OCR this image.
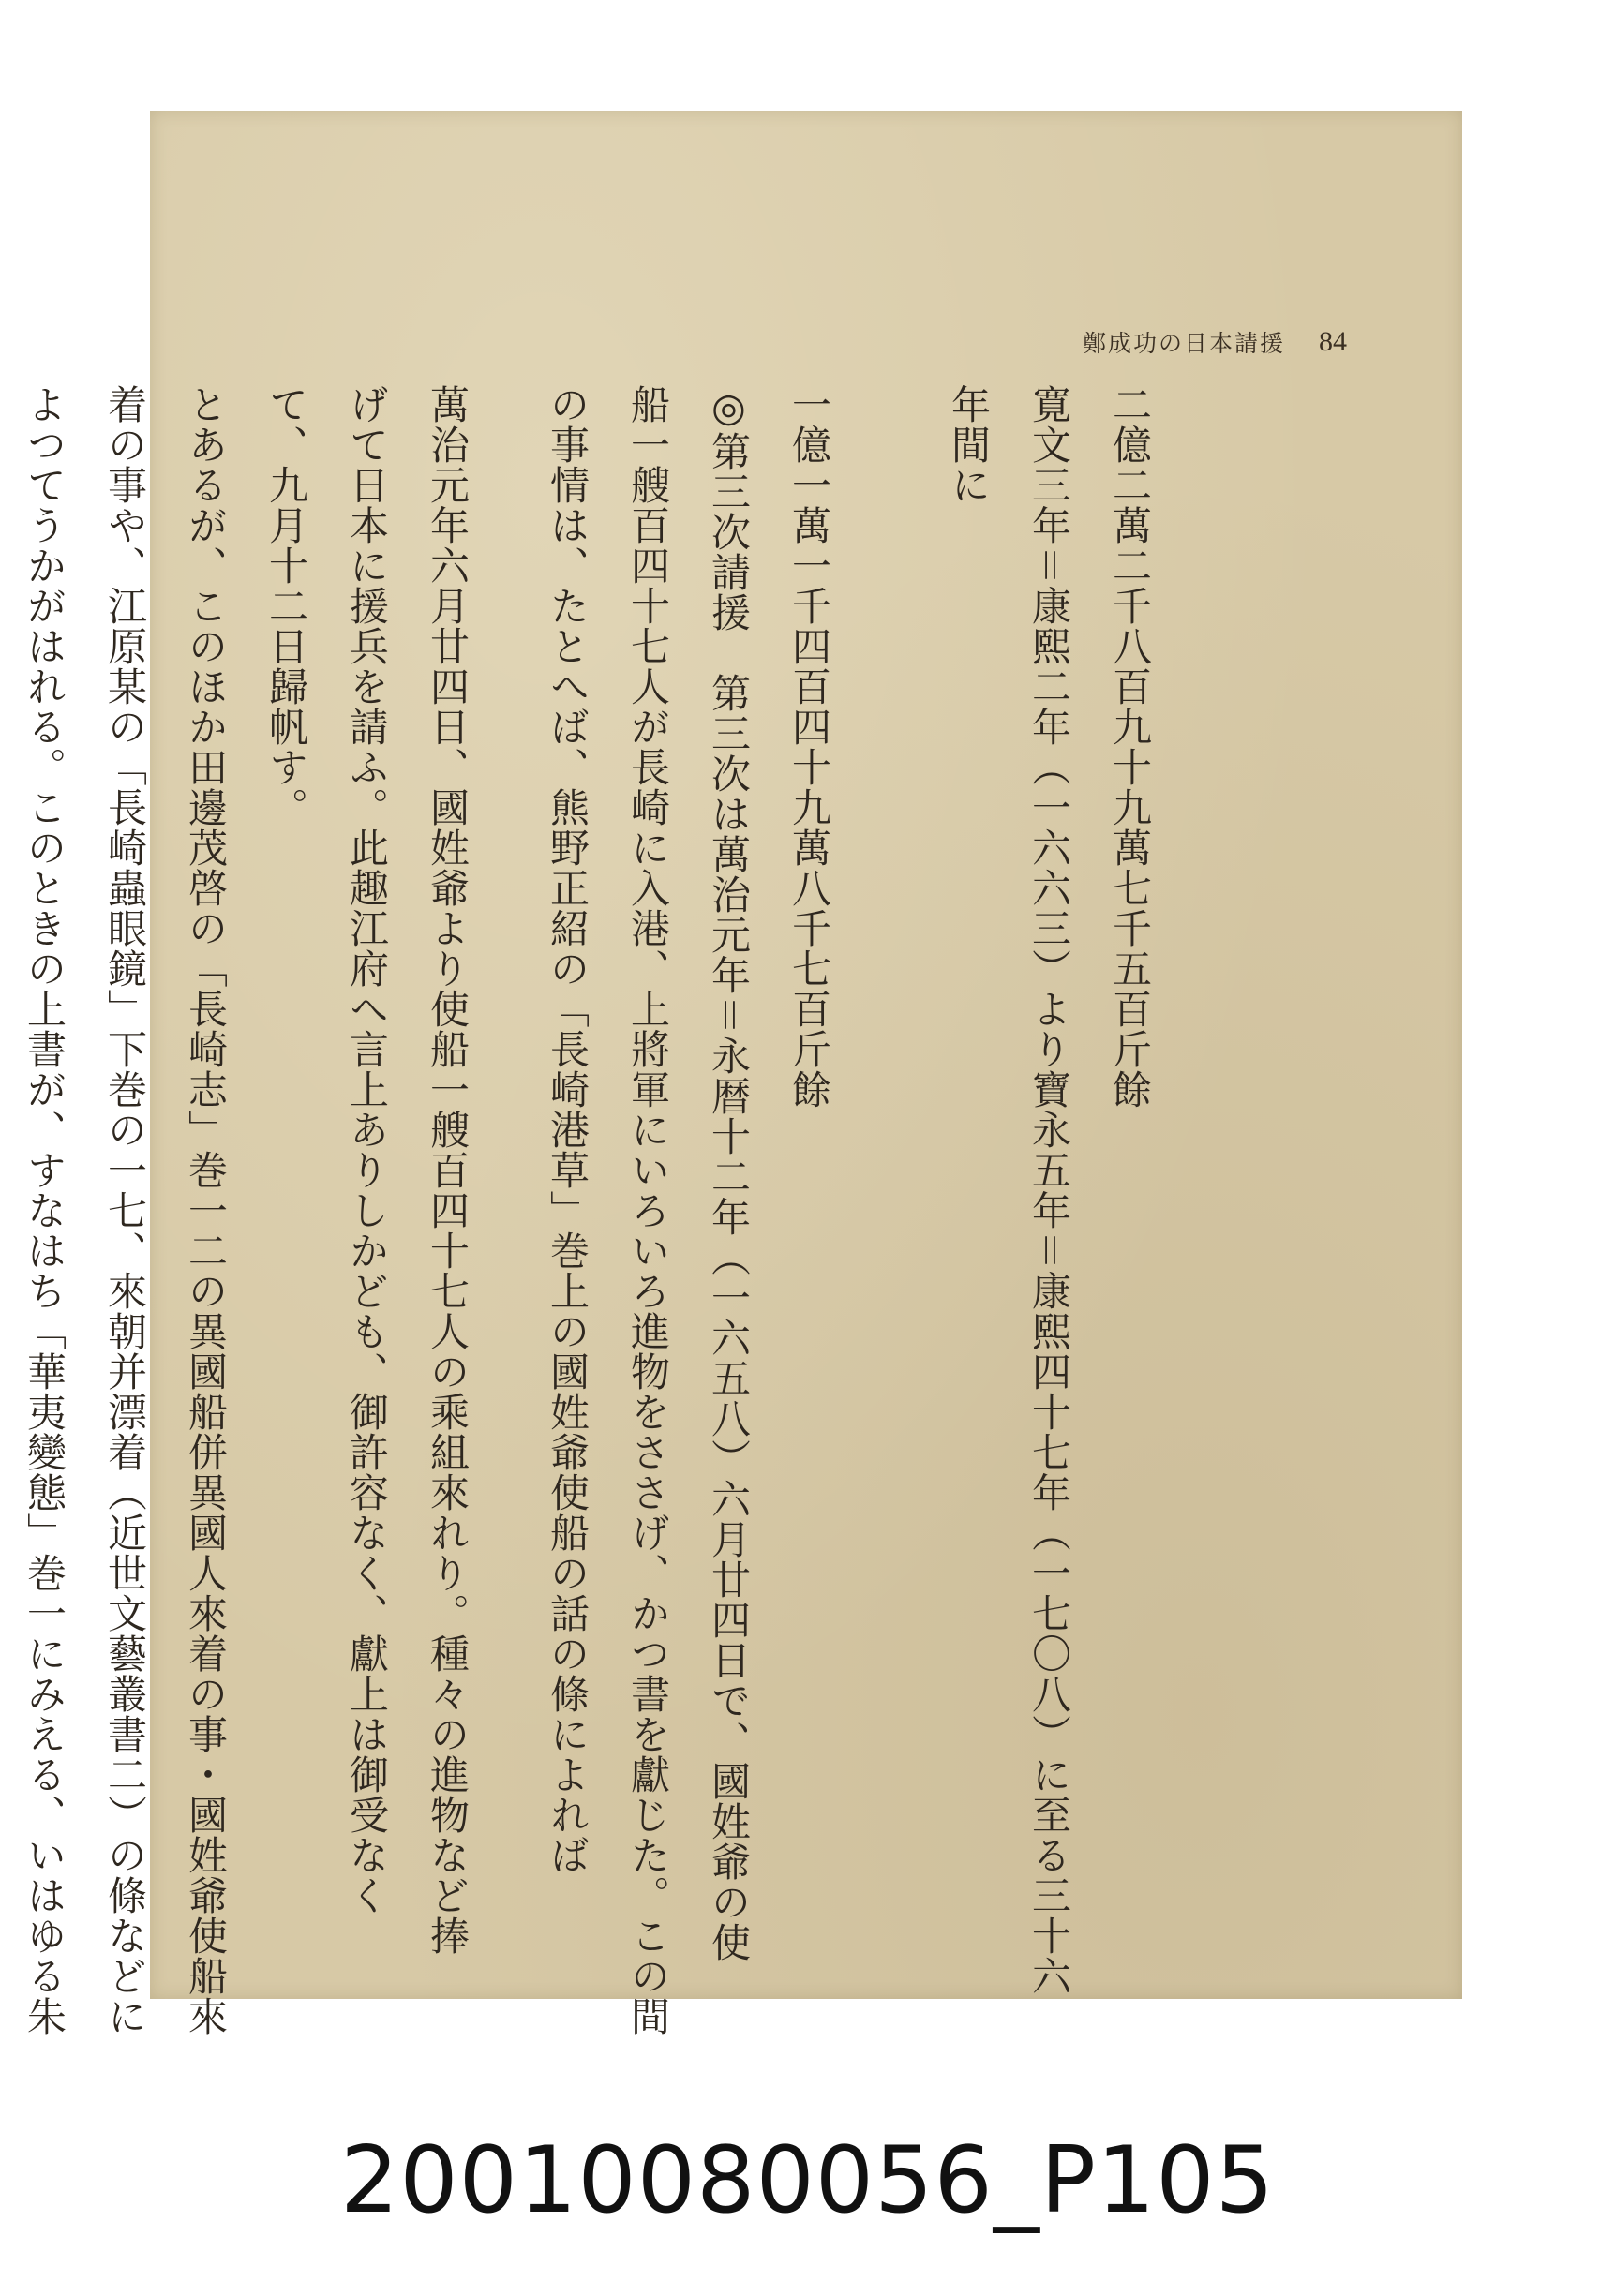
鄭成功の日本請援 84
二億二萬二千八百九十九萬七千五百斤餘
寛文三年＝康熙二年（一六六三）より寶永五年＝康熙四十七年（一七〇八）に至る三十六
年間に
一億一萬一千四百四十九萬八千七百斤餘
◎第三次請援　第三次は萬治元年＝永暦十二年（一六五八）六月廿四日で、國姓爺の使
船一艘百四十七人が長崎に入港、上將軍にいろいろ進物をささげ、かつ書を獻じた。この間
の事情は、たとへば、熊野正紹の「長崎港草」巻上の國姓爺使船の話の條によれば
萬治元年六月廿四日、國姓爺より使船一艘百四十七人の乘組來れり。種々の進物など捧
げて日本に援兵を請ふ。此趣江府へ言上ありしかども、御許容なく、獻上は御受なく
て、九月十二日歸帆す。
とあるが、このほか田邊茂啓の「長崎志」巻一二の異國船併異國人來着の事・國姓爺使船來
着の事や、江原某の「長崎蟲眼鏡」下巻の一七、來朝并漂着（近世文藝叢書二）の條などに
よつてうかがはれる。このときの上書が、すなはち「華夷變態」巻一にみえる、いはゆる朱
20010080056_P105
